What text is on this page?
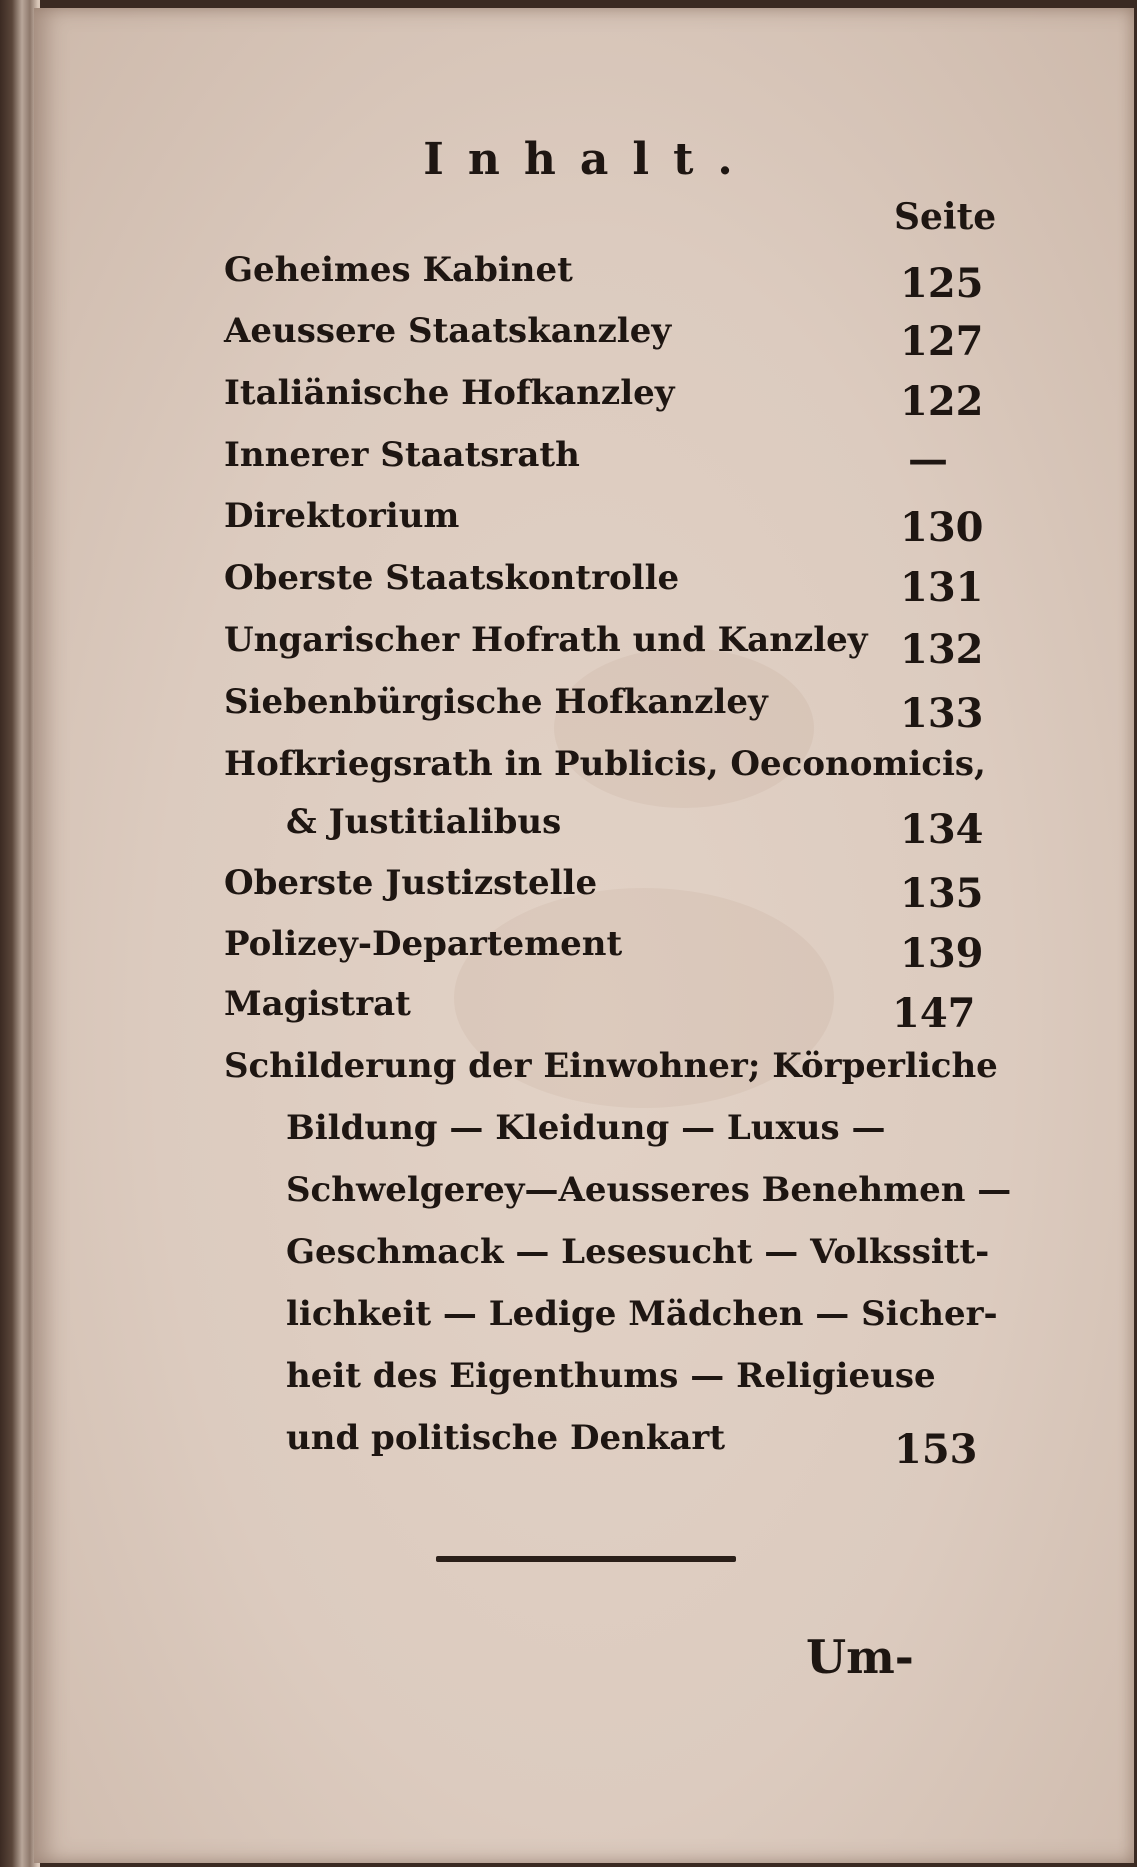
Inhalt.
Seite
Geheimes Kabinet	125
Aeussere Staatskanzley	127
Italiänische Hofkanzley	122
Innerer Staatsrath	—
Direktorium	130
Oberste Staatskontrolle	131
Ungarischer Hofrath und Kanzley 132
Siebenbürgische Hofkanzley	133
Hofkriegsrath in Publicis, Oeconomicis,
& Justitialibus	134
Oberste Justizstelle	135
Polizey-Departement	139
Magistrat	147
Schilderung der Einwohner; Körperliche
Bildung — Kleidung — Luxus —
Schwelgerey—Aeusseres Benehmen —
Geschmack — Lesesucht — Volkssitt-
lichkeit — Ledige Mädchen — Sicher-
heit des Eigenthums — Religieuse
und politische Denkart	153
Um-
